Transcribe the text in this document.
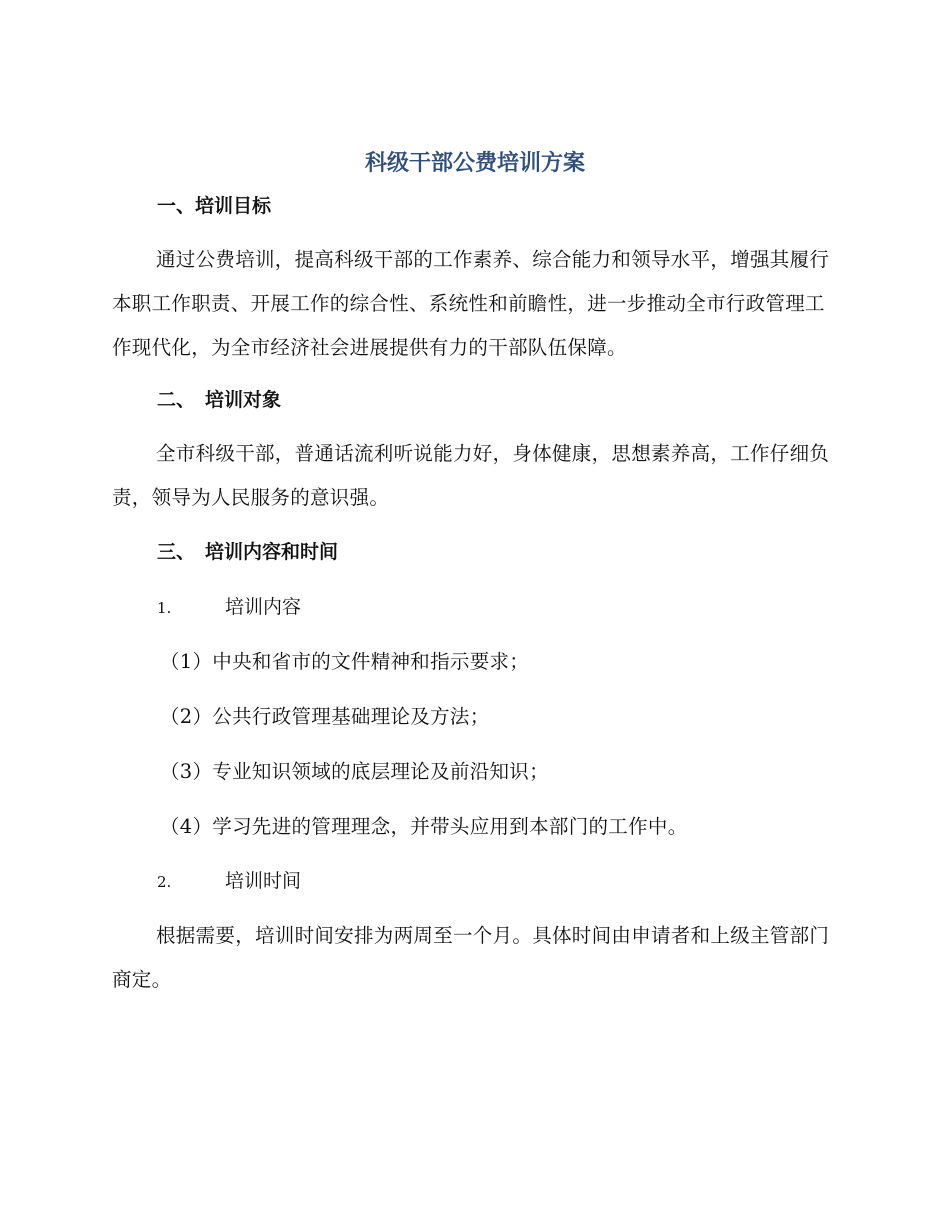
科级干部公费培训方案
一、培训目标

通过公费培训，提高科级干部的工作素养、综合能力和领导水平，增强其履行本职工作职责、开展工作的综合性、系统性和前瞻性，进一步推动全市行政管理工作现代化，为全市经济社会进展提供有力的干部队伍保障。

二、 培训对象

全市科级干部，普通话流利听说能力好，身体健康，思想素养高，工作仔细负责，领导为人民服务的意识强。

三、 培训内容和时间

1.	培训内容

（1）中央和省市的文件精神和指示要求；

（2）公共行政管理基础理论及方法；

（3）专业知识领域的底层理论及前沿知识；

（4）学习先进的管理理念，并带头应用到本部门的工作中。

2.	培训时间

根据需要，培训时间安排为两周至一个月。具体时间由申请者和上级主管部门商定。
